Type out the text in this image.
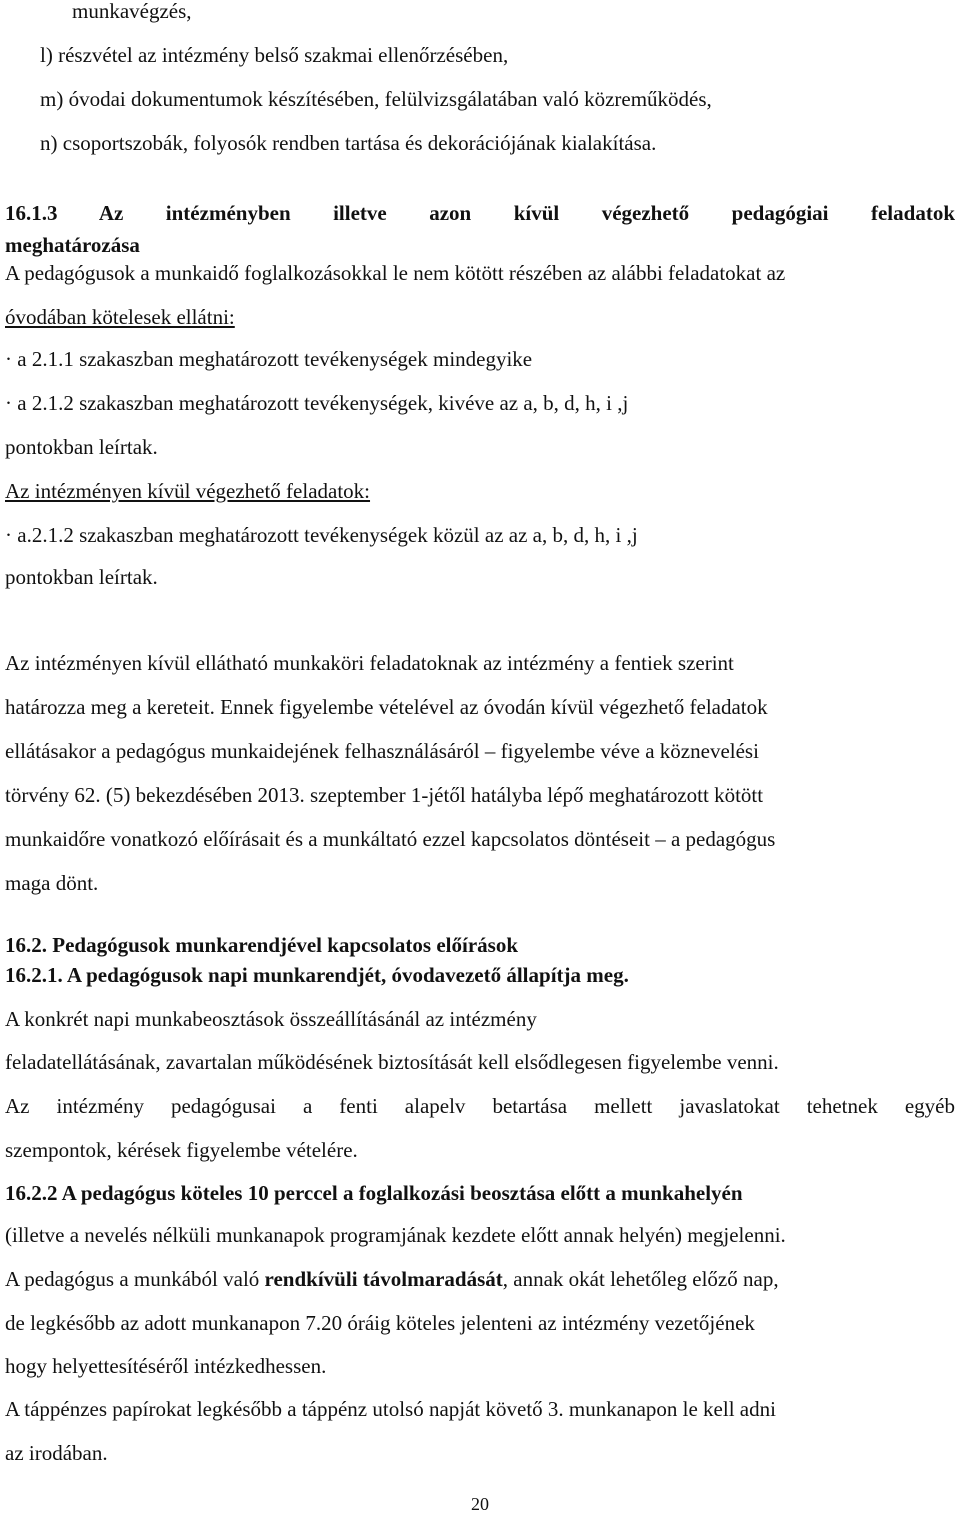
munkavégzés,
l) részvétel az intézmény belső szakmai ellenőrzésében,
m) óvodai dokumentumok készítésében, felülvizsgálatában való közreműködés,
n) csoportszobák, folyosók rendben tartása és dekorációjának kialakítása.
16.1.3 Az intézményben illetve azon kívül végezhető pedagógiai feladatok
meghatározása
A pedagógusok a munkaidő foglalkozásokkal le nem kötött részében az alábbi feladatokat az
óvodában kötelesek ellátni:
· a 2.1.1 szakaszban meghatározott tevékenységek mindegyike
· a 2.1.2 szakaszban meghatározott tevékenységek, kivéve az a, b, d, h, i ,j
pontokban leírtak.
Az intézményen kívül végezhető feladatok:
· a.2.1.2 szakaszban meghatározott tevékenységek közül az az a, b, d, h, i ,j
pontokban leírtak.
Az intézményen kívül ellátható munkaköri feladatoknak az intézmény a fentiek szerint
határozza meg a kereteit. Ennek figyelembe vételével az óvodán kívül végezhető feladatok
ellátásakor a pedagógus munkaidejének felhasználásáról – figyelembe véve a köznevelési
törvény 62. (5) bekezdésében 2013. szeptember 1-jétől hatályba lépő meghatározott kötött
munkaidőre vonatkozó előírásait és a munkáltató ezzel kapcsolatos döntéseit – a pedagógus
maga dönt.
16.2. Pedagógusok munkarendjével kapcsolatos előírások
16.2.1. A pedagógusok napi munkarendjét, óvodavezető állapítja meg.
A konkrét napi munkabeosztások összeállításánál az intézmény
feladatellátásának, zavartalan működésének biztosítását kell elsődlegesen figyelembe venni.
Az intézmény pedagógusai a fenti alapelv betartása mellett javaslatokat tehetnek egyéb
szempontok, kérések figyelembe vételére.
16.2.2 A pedagógus köteles 10 perccel a foglalkozási beosztása előtt a munkahelyén
(illetve a nevelés nélküli munkanapok programjának kezdete előtt annak helyén) megjelenni.
A pedagógus a munkából való rendkívüli távolmaradását, annak okát lehetőleg előző nap,
de legkésőbb az adott munkanapon 7.20 óráig köteles jelenteni az intézmény vezetőjének
hogy helyettesítéséről intézkedhessen.
A táppénzes papírokat legkésőbb a táppénz utolsó napját követő 3. munkanapon le kell adni
az irodában.
20
